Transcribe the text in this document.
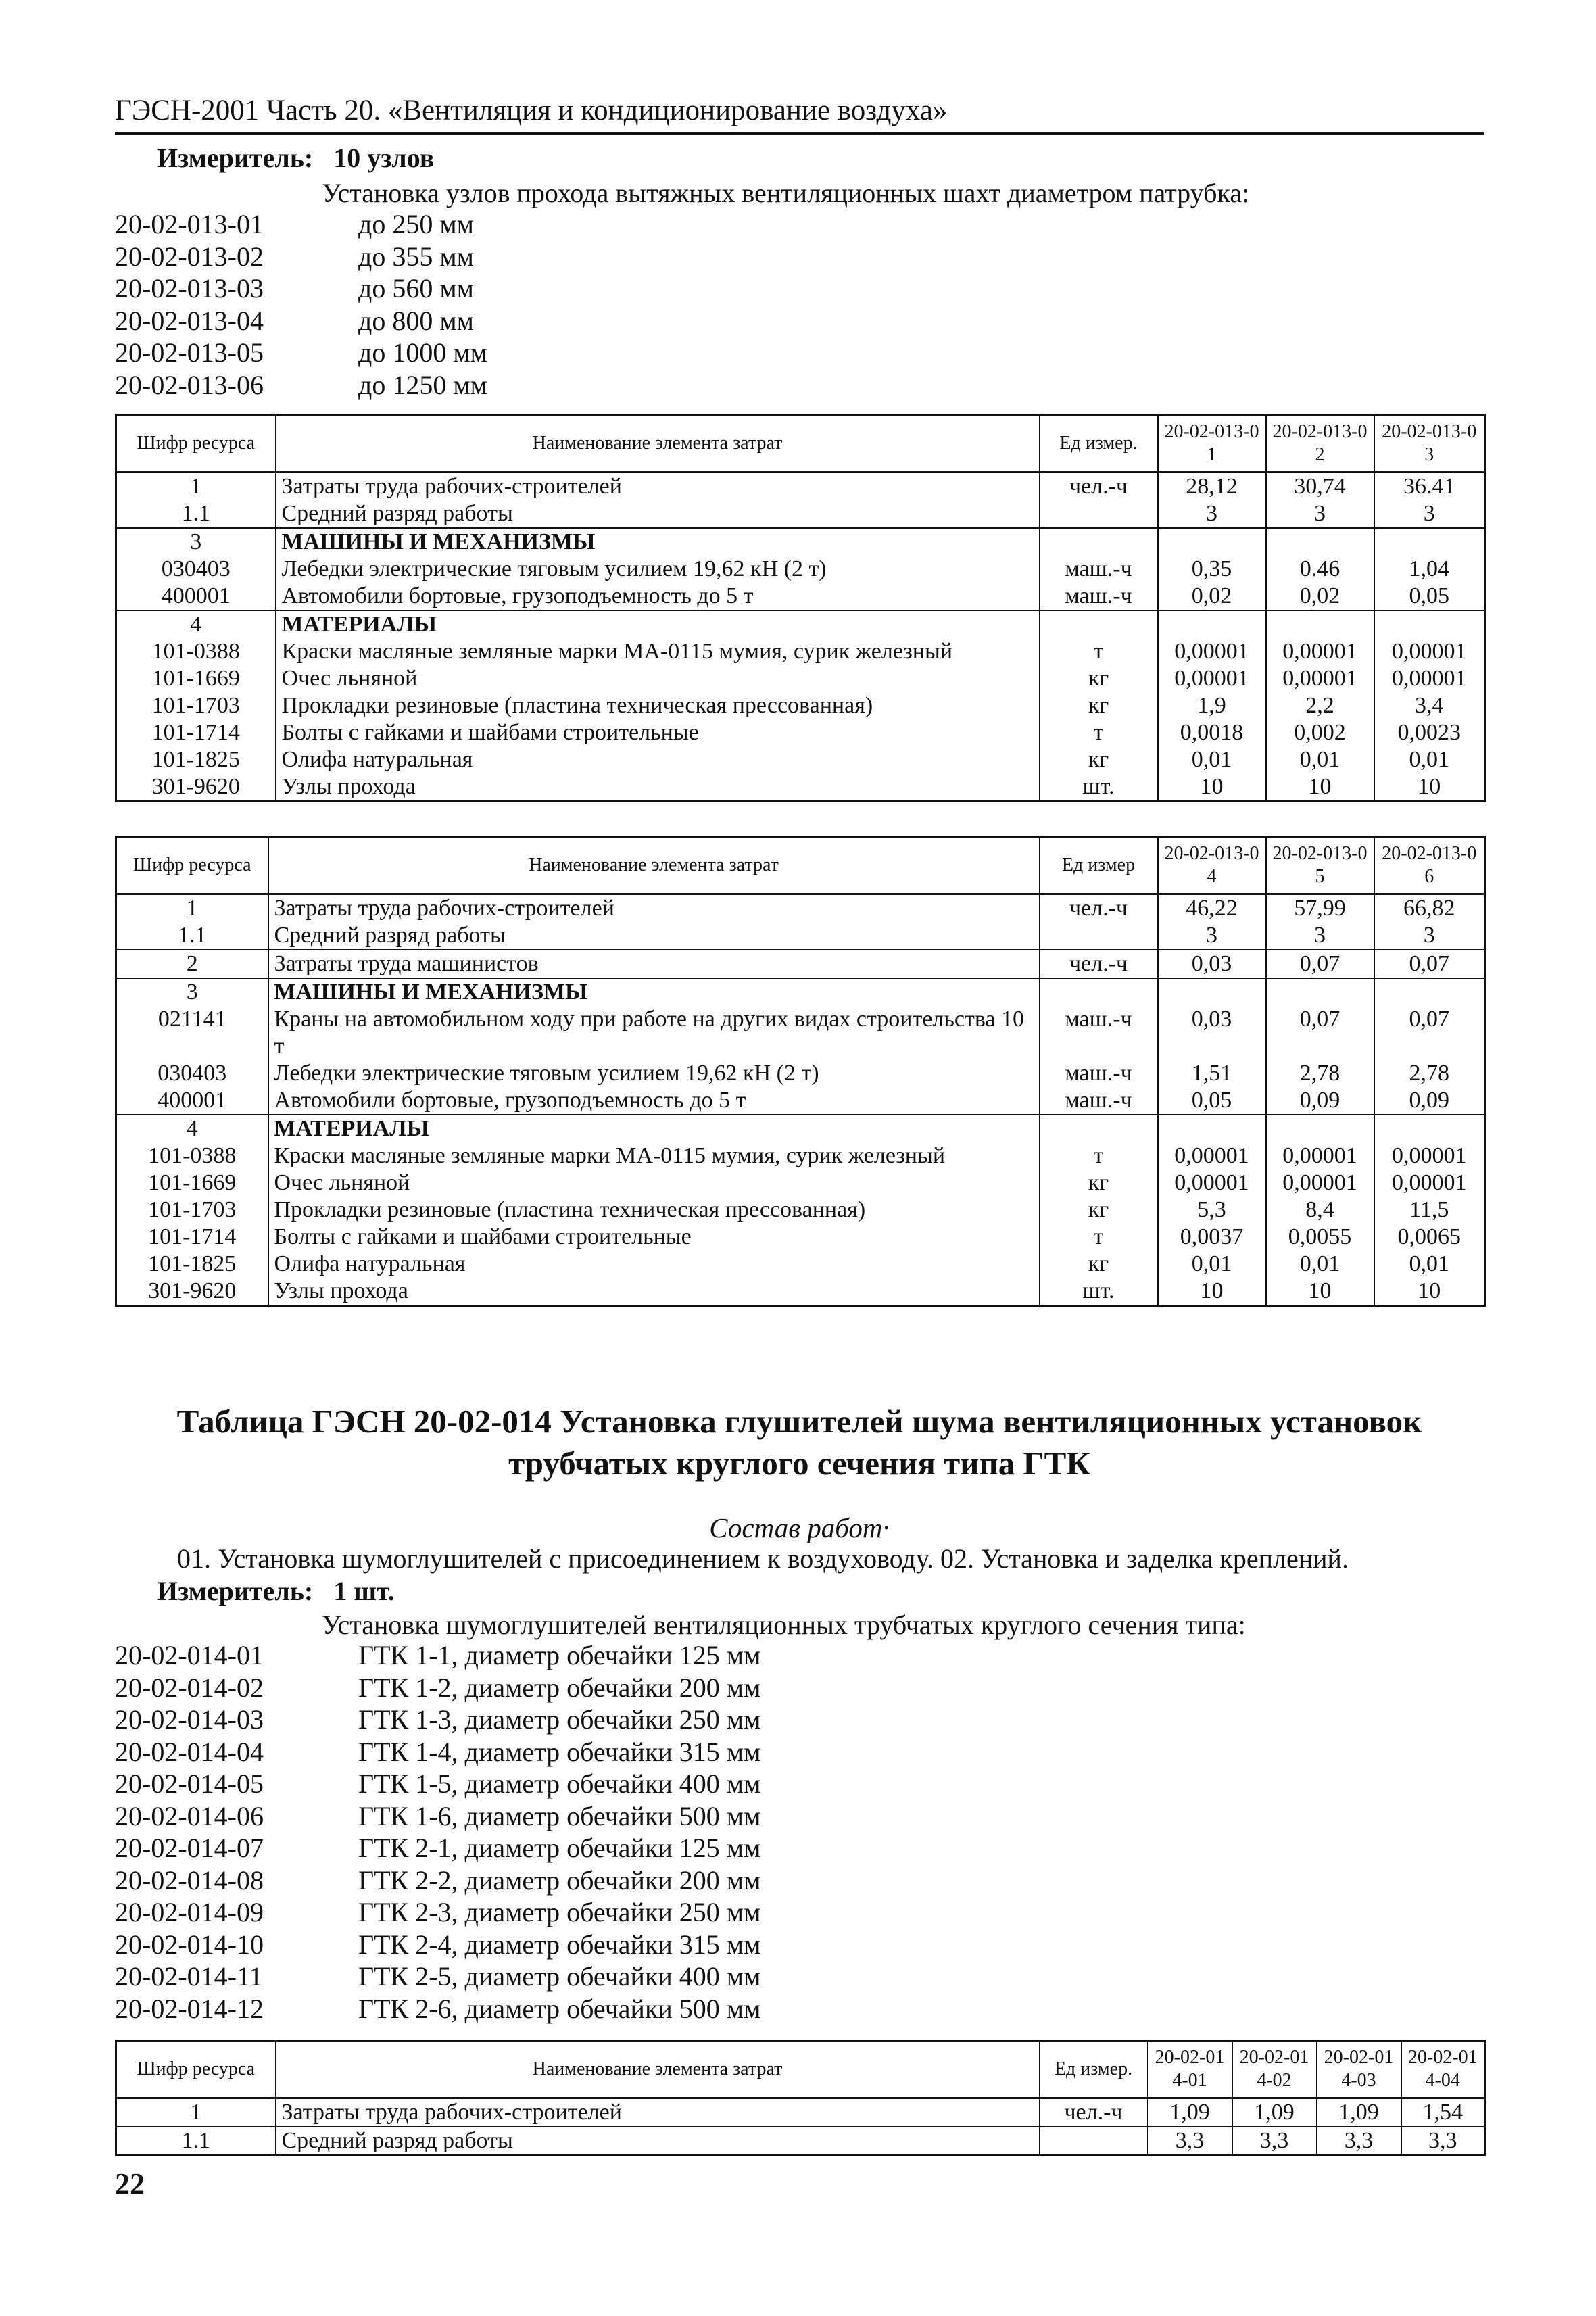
ГЭСН-2001 Часть 20. «Вентиляция и кондиционирование воздуха»
Измеритель: 10 узлов
Установка узлов прохода вытяжных вентиляционных шахт диаметром патрубка:
20-02-013-01	до 250 мм
20-02-013-02	до 355 мм
20-02-013-03	до 560 мм
20-02-013-04	до 800 мм
20-02-013-05	до 1000 мм
20-02-013-06	до 1250 мм
Шифр ресурса	Наименование элемента затрат	Ед измер.	20-02-013-01	20-02-013-02	20-02-013-03
1	Затраты труда рабочих-строителей	чел.-ч	28,12	30,74	36.41
1.1	Средний разряд работы		3	3	3
3	МАШИНЫ И МЕХАНИЗМЫ				
030403	Лебедки электрические тяговым усилием 19,62 кН (2 т)	маш.-ч	0,35	0.46	1,04
400001	Автомобили бортовые, грузоподъемность до 5 т	маш.-ч	0,02	0,02	0,05
4	МАТЕРИАЛЫ				
101-0388	Краски масляные земляные марки МА-0115 мумия, сурик железный	т	0,00001	0,00001	0,00001
101-1669	Очес льняной	кг	0,00001	0,00001	0,00001
101-1703	Прокладки резиновые (пластина техническая прессованная)	кг	1,9	2,2	3,4
101-1714	Болты с гайками и шайбами строительные	т	0,0018	0,002	0,0023
101-1825	Олифа натуральная	кг	0,01	0,01	0,01
301-9620	Узлы прохода	шт.	10	10	10
Шифр ресурса	Наименование элемента затрат	Ед измер	20-02-013-04	20-02-013-05	20-02-013-06
1	Затраты труда рабочих-строителей	чел.-ч	46,22	57,99	66,82
1.1	Средний разряд работы		3	3	3
2	Затраты труда машинистов	чел.-ч	0,03	0,07	0,07
3	МАШИНЫ И МЕХАНИЗМЫ				
021141	Краны на автомобильном ходу при работе на других видах строительства 10 т	маш.-ч	0,03	0,07	0,07
030403	Лебедки электрические тяговым усилием 19,62 кН (2 т)	маш.-ч	1,51	2,78	2,78
400001	Автомобили бортовые, грузоподъемность до 5 т	маш.-ч	0,05	0,09	0,09
4	МАТЕРИАЛЫ				
101-0388	Краски масляные земляные марки МА-0115 мумия, сурик железный	т	0,00001	0,00001	0,00001
101-1669	Очес льняной	кг	0,00001	0,00001	0,00001
101-1703	Прокладки резиновые (пластина техническая прессованная)	кг	5,3	8,4	11,5
101-1714	Болты с гайками и шайбами строительные	т	0,0037	0,0055	0,0065
101-1825	Олифа натуральная	кг	0,01	0,01	0,01
301-9620	Узлы прохода	шт.	10	10	10
Таблица ГЭСН 20-02-014 Установка глушителей шума вентиляционных установок трубчатых круглого сечения типа ГТК
Состав работ·
01. Установка шумоглушителей с присоединением к воздуховоду. 02. Установка и заделка креплений.
Измеритель: 1 шт.
Установка шумоглушителей вентиляционных трубчатых круглого сечения типа:
20-02-014-01	ГТК 1-1, диаметр обечайки 125 мм
20-02-014-02	ГТК 1-2, диаметр обечайки 200 мм
20-02-014-03	ГТК 1-3, диаметр обечайки 250 мм
20-02-014-04	ГТК 1-4, диаметр обечайки 315 мм
20-02-014-05	ГТК 1-5, диаметр обечайки 400 мм
20-02-014-06	ГТК 1-6, диаметр обечайки 500 мм
20-02-014-07	ГТК 2-1, диаметр обечайки 125 мм
20-02-014-08	ГТК 2-2, диаметр обечайки 200 мм
20-02-014-09	ГТК 2-3, диаметр обечайки 250 мм
20-02-014-10	ГТК 2-4, диаметр обечайки 315 мм
20-02-014-11	ГТК 2-5, диаметр обечайки 400 мм
20-02-014-12	ГТК 2-6, диаметр обечайки 500 мм
Шифр ресурса	Наименование элемента затрат	Ед измер.	20-02-014-01	20-02-014-02	20-02-014-03	20-02-014-04
1	Затраты труда рабочих-строителей	чел.-ч	1,09	1,09	1,09	1,54
1.1	Средний разряд работы		3,3	3,3	3,3	3,3
22
